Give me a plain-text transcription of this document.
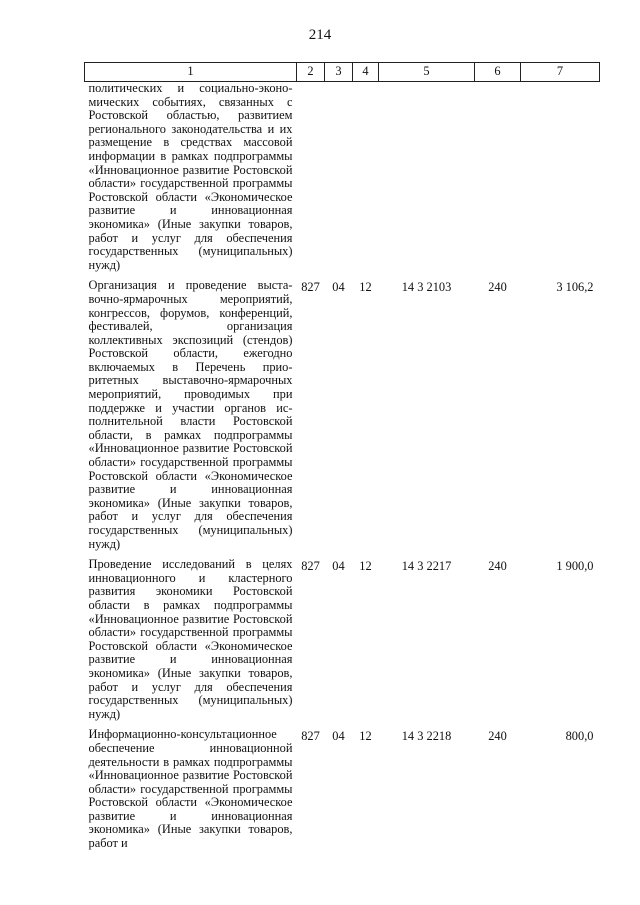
214
1	2	3	4	5	6	7
политических и социально-экономических событиях, связанных с Ростовской областью, развитием регионального законодательства и их размещение в средствах массовой информации в рамках подпрограммы «Инновационное развитие Ростовской области» государственной программы Ростовской области «Экономическое развитие и инновационная экономика» (Иные закупки товаров, работ и услуг для обеспечения государственных (муниципальных) нужд)						
Организация и проведение выставочно-ярмарочных мероприятий, конгрессов, форумов, конференций, фестивалей, организация коллективных экспозиций (стендов) Ростовской области, ежегодно включаемых в Перечень приоритетных выставочно-ярмарочных мероприятий, проводимых при поддержке и участии органов исполнительной власти Ростовской области, в рамках подпрограммы «Инновационное развитие Ростовской области» государственной программы Ростовской области «Экономическое развитие и инновационная экономика» (Иные закупки товаров, работ и услуг для обеспечения государственных (муниципальных) нужд)	827	04	12	14 3 2103	240	3 106,2
Проведение исследований в целях инновационного и кластерного развития экономики Ростовской области в рамках подпрограммы «Инновационное развитие Ростовской области» государственной программы Ростовской области «Экономическое развитие и инновационная экономика» (Иные закупки товаров, работ и услуг для обеспечения государственных (муниципальных) нужд)	827	04	12	14 3 2217	240	1 900,0
Информационно-консультационное обеспечение инновационной деятельности в рамках подпрограммы «Инновационное развитие Ростовской области» государственной программы Ростовской области «Экономическое развитие и инновационная экономика» (Иные закупки товаров, работ и	827	04	12	14 3 2218	240	800,0
